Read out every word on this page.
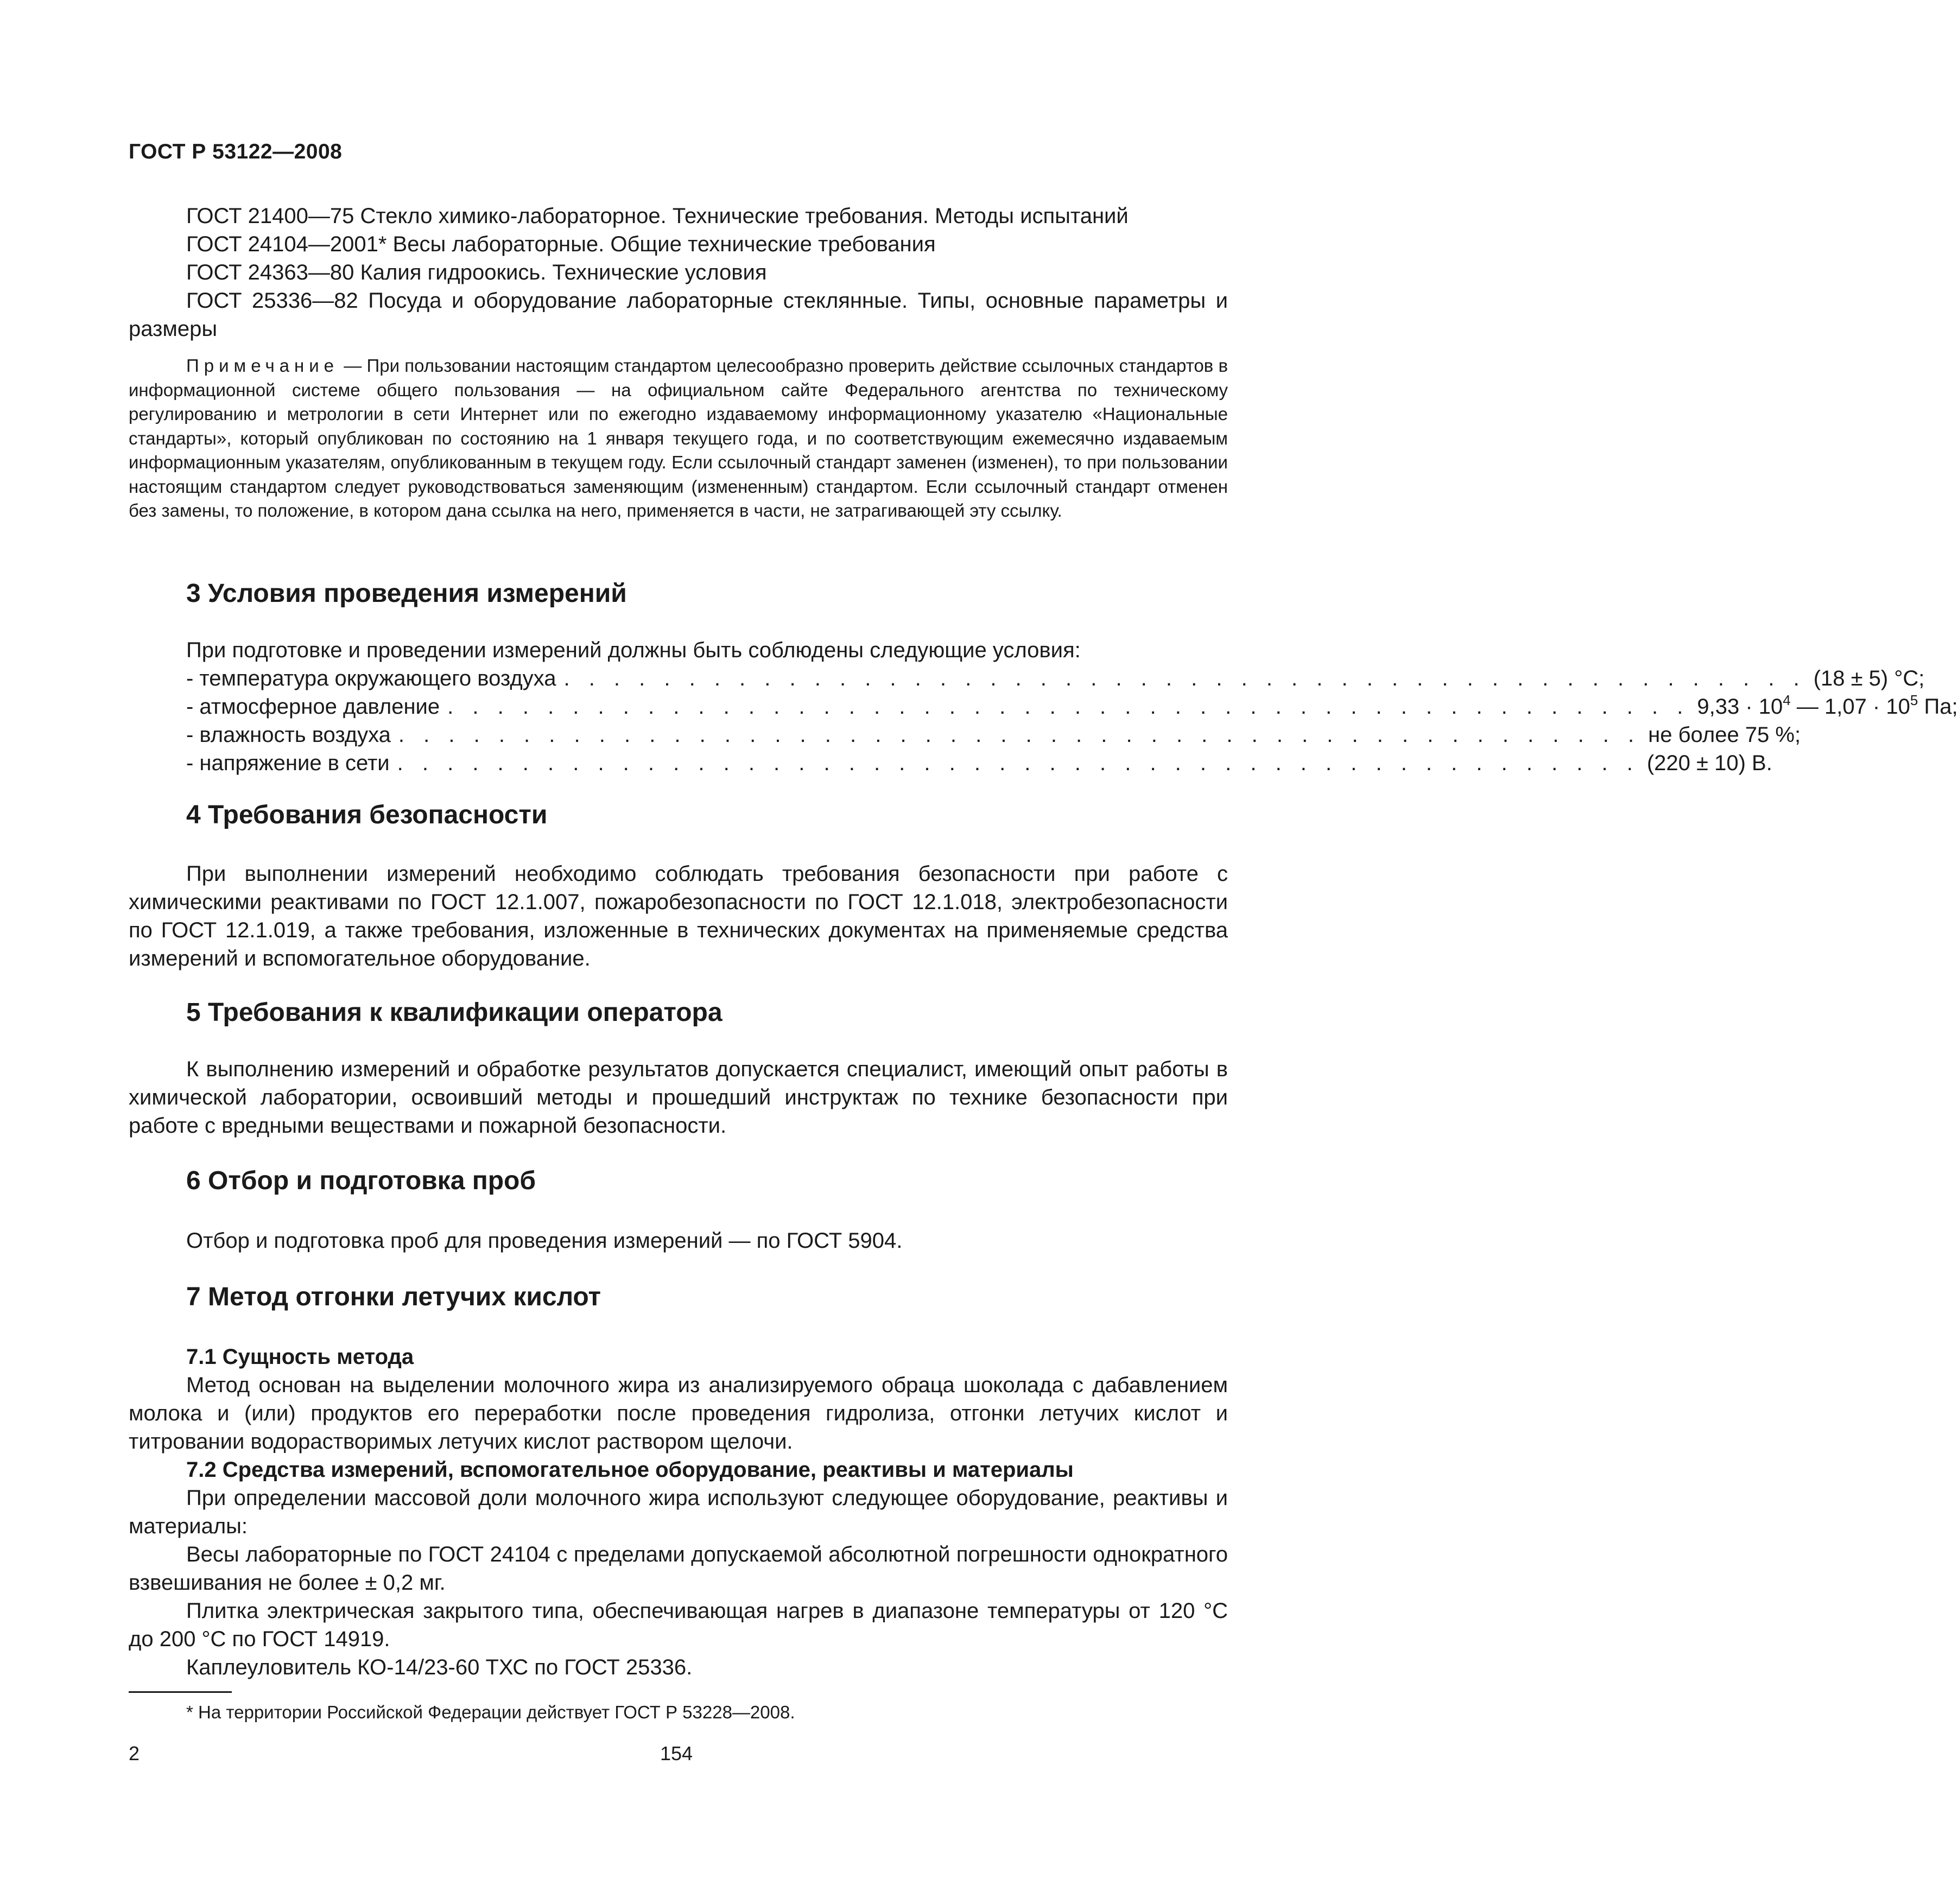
ГОСТ Р 53122—2008

ГОСТ 21400—75 Стекло химико-лабораторное. Технические требования. Методы испытаний

ГОСТ 24104—2001* Весы лабораторные. Общие технические требования

ГОСТ 24363—80 Калия гидроокись. Технические условия

ГОСТ 25336—82 Посуда и оборудование лабораторные стеклянные. Типы, основные параметры и размеры

Примечание — При пользовании настоящим стандартом целесообразно проверить действие ссылочных стандартов в информационной системе общего пользования — на официальном сайте Федерального агентства по техническому регулированию и метрологии в сети Интернет или по ежегодно издаваемому информационному указателю «Национальные стандарты», который опубликован по состоянию на 1 января текущего года, и по соответствующим ежемесячно издаваемым информационным указателям, опубликованным в текущем году. Если ссылочный стандарт заменен (изменен), то при пользовании настоящим стандартом следует руководствоваться заменяющим (измененным) стандартом. Если ссылочный стандарт отменен без замены, то положение, в котором дана ссылка на него, применяется в части, не затрагивающей эту ссылку.

3 Условия проведения измерений

При подготовке и проведении измерений должны быть соблюдены следующие условия:

- температура окружающего воздуха . . . . . . . . . . . . . . . . . . . . . . . . . . . . . . . . . . . . . . . . . . . . . . . . . . (18 ± 5) °С;
- атмосферное давление . . . . . . . . . . . . . . . . . . . . . . . . . . . . . . . . . . . . . . . . . . . . . . . . . . $9,33 \cdot 10^4$ — $1,07 \cdot 10^5$ Па;
- влажность воздуха . . . . . . . . . . . . . . . . . . . . . . . . . . . . . . . . . . . . . . . . . . . . . . . . . . не более 75 %;
- напряжение в сети . . . . . . . . . . . . . . . . . . . . . . . . . . . . . . . . . . . . . . . . . . . . . . . . . . (220 ± 10) В.
4 Требования безопасности

При выполнении измерений необходимо соблюдать требования безопасности при работе с химическими реактивами по ГОСТ 12.1.007, пожаробезопасности по ГОСТ 12.1.018, электробезопасности по ГОСТ 12.1.019, а также требования, изложенные в технических документах на применяемые средства измерений и вспомогательное оборудование.

5 Требования к квалификации оператора

К выполнению измерений и обработке результатов допускается специалист, имеющий опыт работы в химической лаборатории, освоивший методы и прошедший инструктаж по технике безопасности при работе с вредными веществами и пожарной безопасности.

6 Отбор и подготовка проб

Отбор и подготовка проб для проведения измерений — по ГОСТ 5904.

7 Метод отгонки летучих кислот
7.1 Сущность метода

Метод основан на выделении молочного жира из анализируемого обраца шоколада с дабавлением молока и (или) продуктов его переработки после проведения гидролиза, отгонки летучих кислот и титровании водорастворимых летучих кислот раствором щелочи.

7.2 Средства измерений, вспомогательное оборудование, реактивы и материалы

При определении массовой доли молочного жира используют следующее оборудование, реактивы и материалы:

Весы лабораторные по ГОСТ 24104 с пределами допускаемой абсолютной погрешности однократного взвешивания не более ± 0,2 мг.

Плитка электрическая закрытого типа, обеспечивающая нагрев в диапазоне температуры от 120 °С до 200 °С по ГОСТ 14919.

Каплеуловитель КО-14/23-60 ТХС по ГОСТ 25336.

* На территории Российской Федерации действует ГОСТ Р 53228—2008.
2	154
